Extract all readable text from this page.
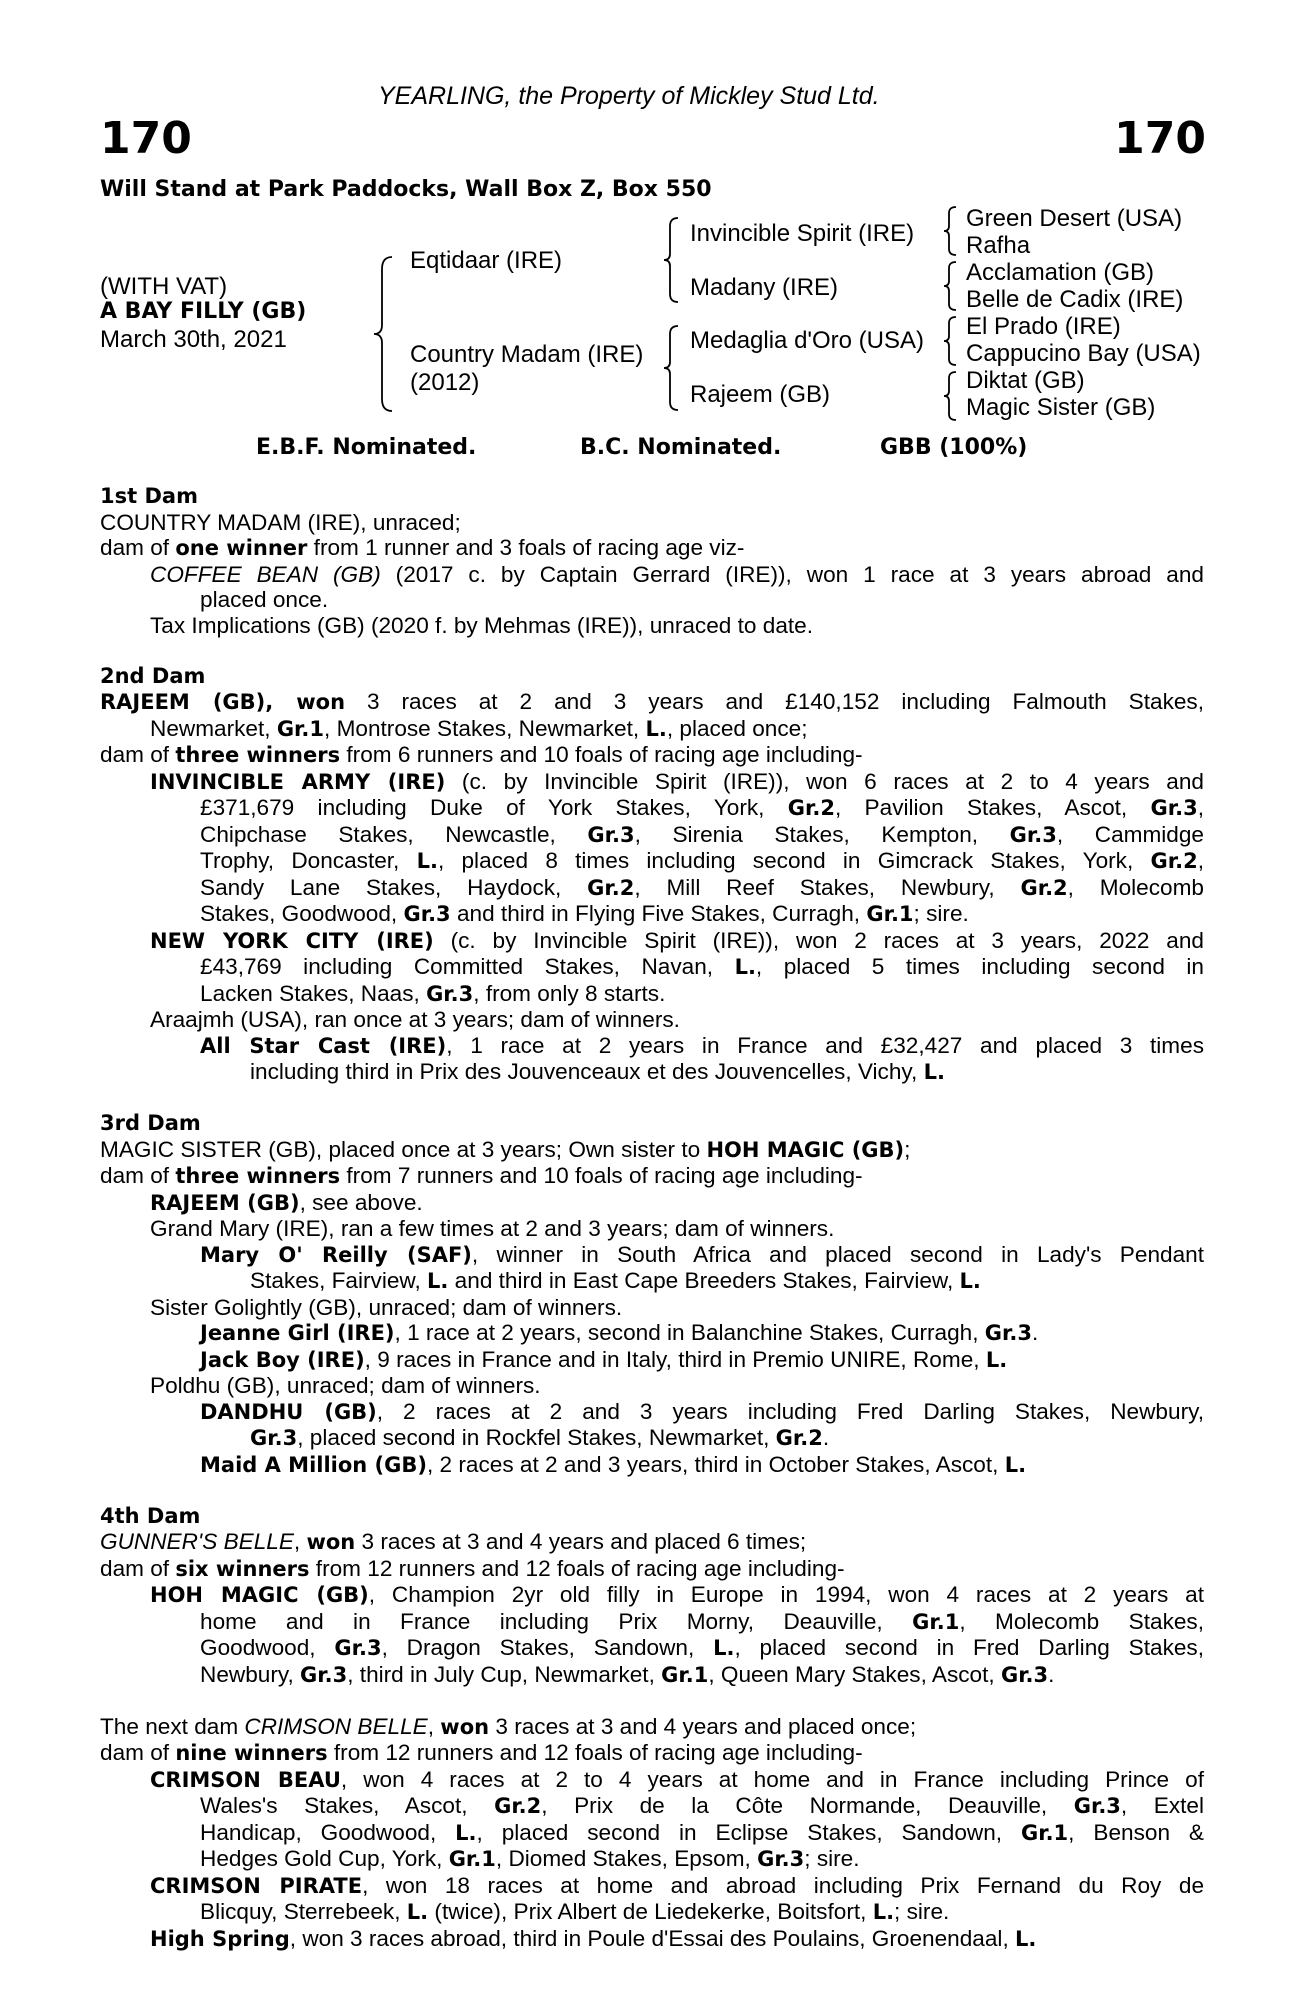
YEARLING, the Property of Mickley Stud Ltd.
170	170
Will Stand at Park Paddocks, Wall Box Z, Box 550
(WITH VAT)
A BAY FILLY (GB)
March 30th, 2021
Eqtidaar (IRE)
Country Madam (IRE)
(2012)
Invincible Spirit (IRE)
Madany (IRE)
Medaglia d'Oro (USA)
Rajeem (GB)
Green Desert (USA)
Rafha
Acclamation (GB)
Belle de Cadix (IRE)
El Prado (IRE)
Cappucino Bay (USA)
Diktat (GB)
Magic Sister (GB)
E.B.F. Nominated.	B.C. Nominated.	GBB (100%)
1st Dam
COUNTRY MADAM (IRE), unraced;
dam of one winner from 1 runner and 3 foals of racing age viz-
COFFEE BEAN (GB) (2017 c. by Captain Gerrard (IRE)), won 1 race at 3 years abroad and
placed once.
Tax Implications (GB) (2020 f. by Mehmas (IRE)), unraced to date.
2nd Dam
RAJEEM (GB), won 3 races at 2 and 3 years and £140,152 including Falmouth Stakes,
Newmarket, Gr.1, Montrose Stakes, Newmarket, L., placed once;
dam of three winners from 6 runners and 10 foals of racing age including-
INVINCIBLE ARMY (IRE) (c. by Invincible Spirit (IRE)), won 6 races at 2 to 4 years and
£371,679 including Duke of York Stakes, York, Gr.2, Pavilion Stakes, Ascot, Gr.3,
Chipchase Stakes, Newcastle, Gr.3, Sirenia Stakes, Kempton, Gr.3, Cammidge
Trophy, Doncaster, L., placed 8 times including second in Gimcrack Stakes, York, Gr.2,
Sandy Lane Stakes, Haydock, Gr.2, Mill Reef Stakes, Newbury, Gr.2, Molecomb
Stakes, Goodwood, Gr.3 and third in Flying Five Stakes, Curragh, Gr.1; sire.
NEW YORK CITY (IRE) (c. by Invincible Spirit (IRE)), won 2 races at 3 years, 2022 and
£43,769 including Committed Stakes, Navan, L., placed 5 times including second in
Lacken Stakes, Naas, Gr.3, from only 8 starts.
Araajmh (USA), ran once at 3 years; dam of winners.
All Star Cast (IRE), 1 race at 2 years in France and £32,427 and placed 3 times
including third in Prix des Jouvenceaux et des Jouvencelles, Vichy, L.
3rd Dam
MAGIC SISTER (GB), placed once at 3 years; Own sister to HOH MAGIC (GB);
dam of three winners from 7 runners and 10 foals of racing age including-
RAJEEM (GB), see above.
Grand Mary (IRE), ran a few times at 2 and 3 years; dam of winners.
Mary O' Reilly (SAF), winner in South Africa and placed second in Lady's Pendant
Stakes, Fairview, L. and third in East Cape Breeders Stakes, Fairview, L.
Sister Golightly (GB), unraced; dam of winners.
Jeanne Girl (IRE), 1 race at 2 years, second in Balanchine Stakes, Curragh, Gr.3.
Jack Boy (IRE), 9 races in France and in Italy, third in Premio UNIRE, Rome, L.
Poldhu (GB), unraced; dam of winners.
DANDHU (GB), 2 races at 2 and 3 years including Fred Darling Stakes, Newbury,
Gr.3, placed second in Rockfel Stakes, Newmarket, Gr.2.
Maid A Million (GB), 2 races at 2 and 3 years, third in October Stakes, Ascot, L.
4th Dam
GUNNER'S BELLE, won 3 races at 3 and 4 years and placed 6 times;
dam of six winners from 12 runners and 12 foals of racing age including-
HOH MAGIC (GB), Champion 2yr old filly in Europe in 1994, won 4 races at 2 years at
home and in France including Prix Morny, Deauville, Gr.1, Molecomb Stakes,
Goodwood, Gr.3, Dragon Stakes, Sandown, L., placed second in Fred Darling Stakes,
Newbury, Gr.3, third in July Cup, Newmarket, Gr.1, Queen Mary Stakes, Ascot, Gr.3.
The next dam CRIMSON BELLE, won 3 races at 3 and 4 years and placed once;
dam of nine winners from 12 runners and 12 foals of racing age including-
CRIMSON BEAU, won 4 races at 2 to 4 years at home and in France including Prince of
Wales's Stakes, Ascot, Gr.2, Prix de la Côte Normande, Deauville, Gr.3, Extel
Handicap, Goodwood, L., placed second in Eclipse Stakes, Sandown, Gr.1, Benson &
Hedges Gold Cup, York, Gr.1, Diomed Stakes, Epsom, Gr.3; sire.
CRIMSON PIRATE, won 18 races at home and abroad including Prix Fernand du Roy de
Blicquy, Sterrebeek, L. (twice), Prix Albert de Liedekerke, Boitsfort, L.; sire.
High Spring, won 3 races abroad, third in Poule d'Essai des Poulains, Groenendaal, L.
